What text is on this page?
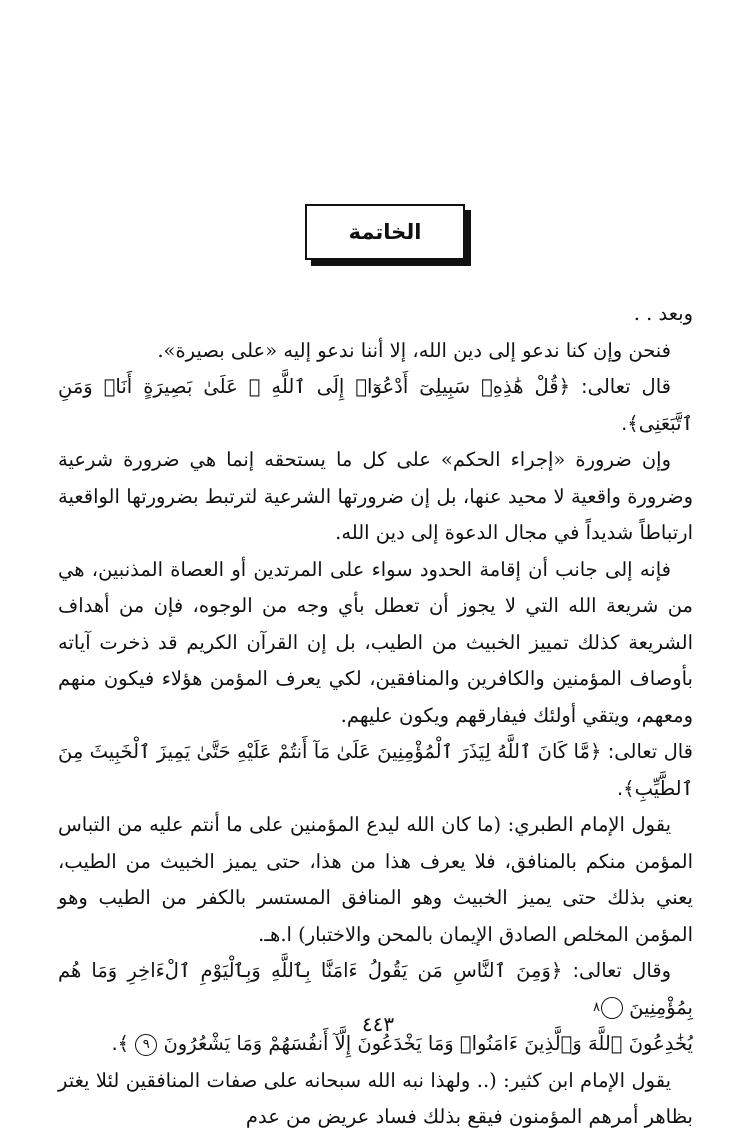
الخاتمة

وبعد . .

فنحن وإن كنا ندعو إلى دين الله، إلا أننا ندعو إليه «على بصيرة».

قال تعالى: ﴿قُلْ هَٰذِهِۦ سَبِيلِىٓ أَدْعُوٓا۟ إِلَى ٱللَّهِ ۚ عَلَىٰ بَصِيرَةٍ أَنَا۠ وَمَنِ ٱتَّبَعَنِى﴾.

وإن ضرورة «إجراء الحكم» على كل ما يستحقه إنما هي ضرورة شرعية وضرورة واقعية لا محيد عنها، بل إن ضرورتها الشرعية لترتبط بضرورتها الواقعية ارتباطاً شديداً في مجال الدعوة إلى دين الله.

فإنه إلى جانب أن إقامة الحدود سواء على المرتدين أو العصاة المذنبين، هي من شريعة الله التي لا يجوز أن تعطل بأي وجه من الوجوه، فإن من أهداف الشريعة كذلك تمييز الخبيث من الطيب، بل إن القرآن الكريم قد ذخرت آياته بأوصاف المؤمنين والكافرين والمنافقين، لكي يعرف المؤمن هؤلاء فيكون منهم ومعهم، ويتقي أولئك فيفارقهم ويكون عليهم.

قال تعالى: ﴿مَّا كَانَ ٱللَّهُ لِيَذَرَ ٱلْمُؤْمِنِينَ عَلَىٰ مَآ أَنتُمْ عَلَيْهِ حَتَّىٰ يَمِيزَ ٱلْخَبِيثَ مِنَ ٱلطَّيِّبِ﴾.

يقول الإمام الطبري: (ما كان الله ليدع المؤمنين على ما أنتم عليه من التباس المؤمن منكم بالمنافق، فلا يعرف هذا من هذا، حتى يميز الخبيث من الطيب، يعني بذلك حتى يميز الخبيث وهو المنافق المستسر بالكفر من الطيب وهو المؤمن المخلص الصادق الإيمان بالمحن والاختبار) ا.هـ.

وقال تعالى: ﴿وَمِنَ ٱلنَّاسِ مَن يَقُولُ ءَامَنَّا بِٱللَّهِ وَبِٱلْيَوْمِ ٱلْءَاخِرِ وَمَا هُم بِمُؤْمِنِينَ ٨

يُخَٰدِعُونَ ٱللَّهَ وَٱلَّذِينَ ءَامَنُوا۟ وَمَا يَخْدَعُونَ إِلَّآ أَنفُسَهُمْ وَمَا يَشْعُرُونَ ٩ ﴾.

يقول الإمام ابن كثير: (.. ولهذا نبه الله سبحانه على صفات المنافقين لئلا يغتر بظاهر أمرهم المؤمنون فيقع بذلك فساد عريض من عدم

٤٤٣
